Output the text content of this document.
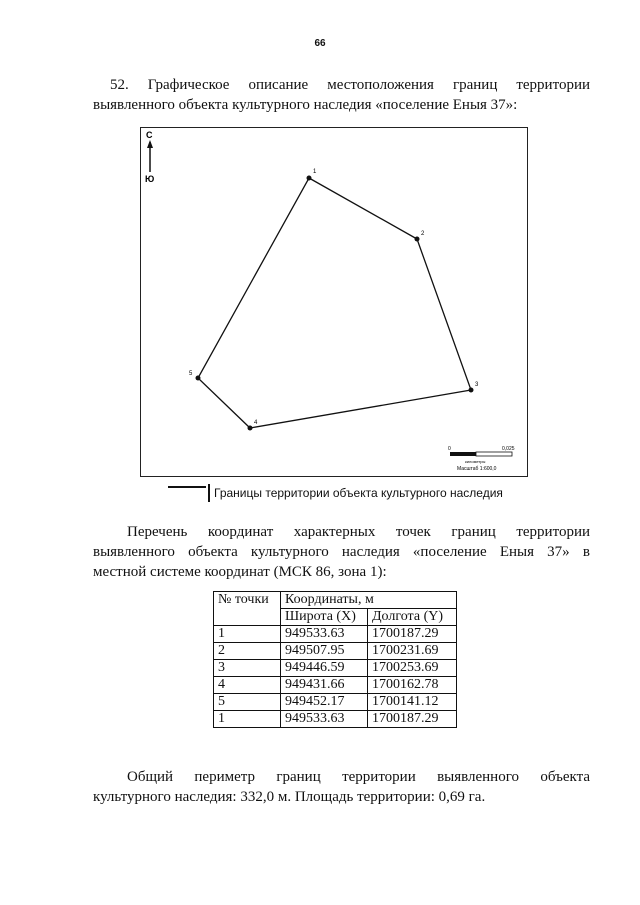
66
52. Графическое описание местоположения границ территории
выявленного объекта культурного наследия «поселение Еныя 37»:
С
Ю
1
2
3
4
5
0	0,025
километры
Масштаб 1:600,0
Границы территории объекта культурного наследия
Перечень координат характерных точек границ территории
выявленного объекта культурного наследия «поселение Еныя 37» в
местной системе координат (МСК 86, зона 1):
№ точки	Координаты, м	
	Широта (X)	Долгота (Y)
1	949533.63	1700187.29
2	949507.95	1700231.69
3	949446.59	1700253.69
4	949431.66	1700162.78
5	949452.17	1700141.12
1	949533.63	1700187.29
Общий периметр границ территории выявленного объекта
культурного наследия: 332,0 м. Площадь территории: 0,69 га.
